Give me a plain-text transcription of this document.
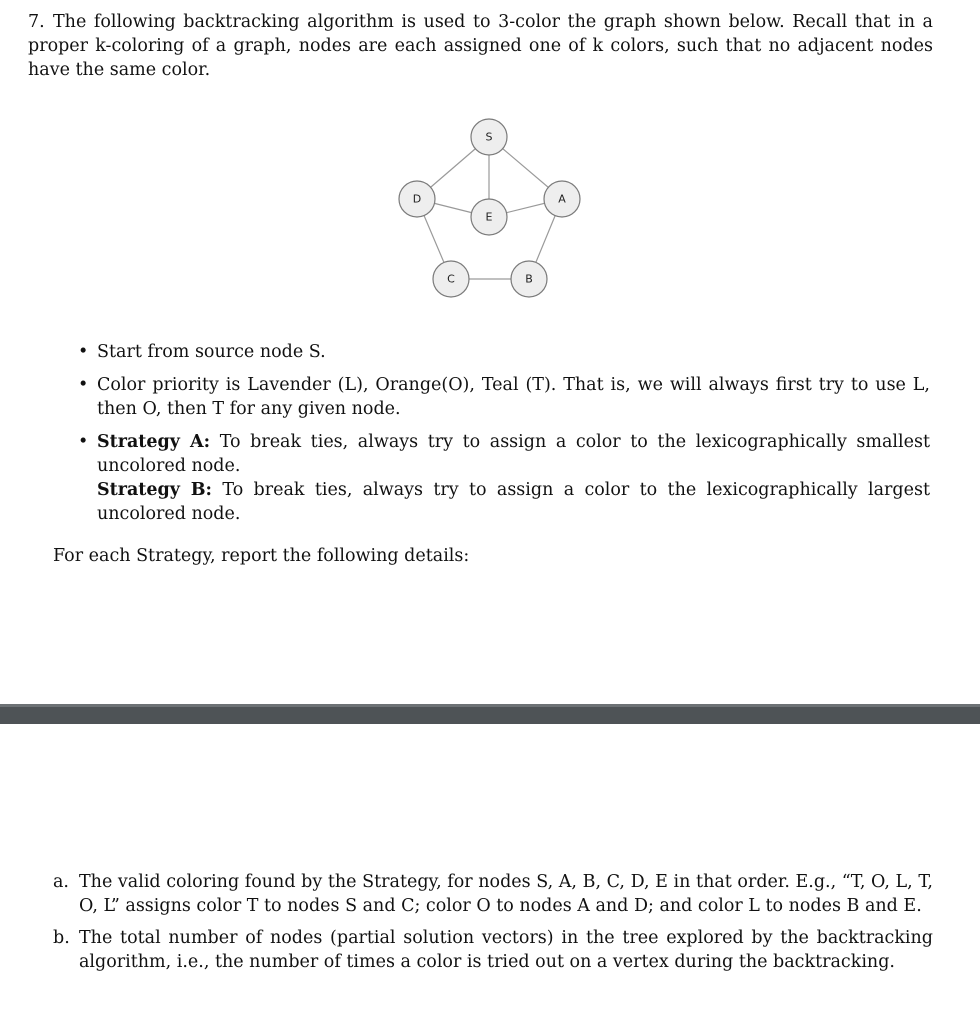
7. The following backtracking algorithm is used to 3-color the graph shown below. Recall that in a proper k-coloring of a graph, nodes are each assigned one of k colors, such that no adjacent nodes have the same color.
S
A
B
C
D
E
• Start from source node S.
• Color priority is Lavender (L), Orange(O), Teal (T). That is, we will always first try to use L, then O, then T for any given node.
• Strategy A: To break ties, always try to assign a color to the lexicographically smallest uncolored node.
Strategy B: To break ties, always try to assign a color to the lexicographically largest uncolored node.
For each Strategy, report the following details:
a. The valid coloring found by the Strategy, for nodes S, A, B, C, D, E in that order. E.g., “T, O, L, T, O, L” assigns color T to nodes S and C; color O to nodes A and D; and color L to nodes B and E.
b. The total number of nodes (partial solution vectors) in the tree explored by the backtracking algorithm, i.e., the number of times a color is tried out on a vertex during the backtracking.
